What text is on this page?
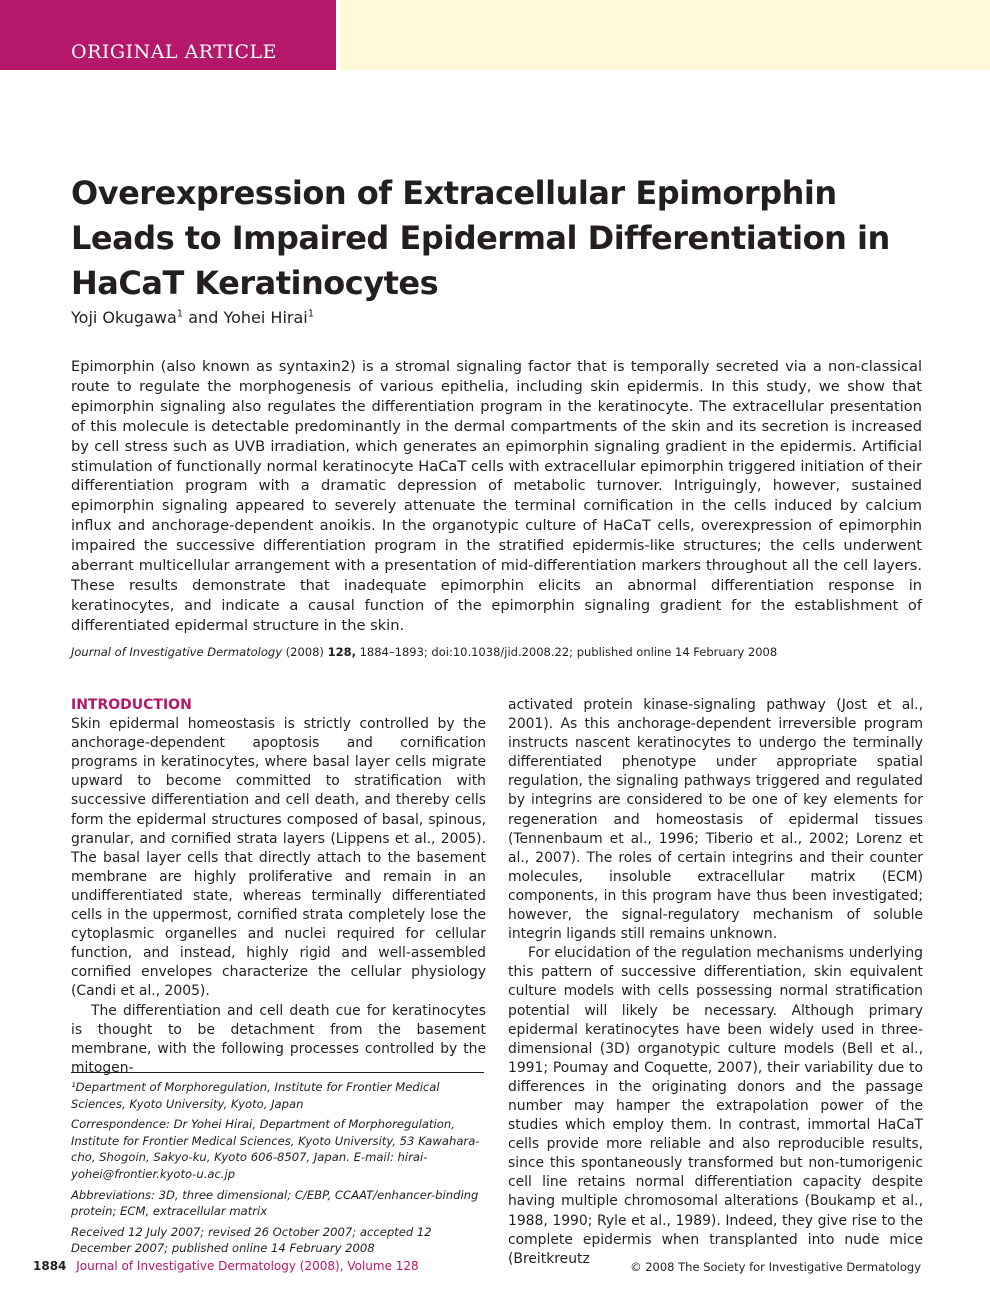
ORIGINAL ARTICLE
Overexpression of Extracellular Epimorphin Leads to Impaired Epidermal Differentiation in HaCaT Keratinocytes
Yoji Okugawa$^1$ and Yohei Hirai$^1$

Epimorphin (also known as syntaxin2) is a stromal signaling factor that is temporally secreted via a non-classical route to regulate the morphogenesis of various epithelia, including skin epidermis. In this study, we show that epimorphin signaling also regulates the differentiation program in the keratinocyte. The extracellular presentation of this molecule is detectable predominantly in the dermal compartments of the skin and its secretion is increased by cell stress such as UVB irradiation, which generates an epimorphin signaling gradient in the epidermis. Artificial stimulation of functionally normal keratinocyte HaCaT cells with extracellular epimorphin triggered initiation of their differentiation program with a dramatic depression of metabolic turnover. Intriguingly, however, sustained epimorphin signaling appeared to severely attenuate the terminal cornification in the cells induced by calcium influx and anchorage-dependent anoikis. In the organotypic culture of HaCaT cells, overexpression of epimorphin impaired the successive differentiation program in the stratified epidermis-like structures; the cells underwent aberrant multicellular arrangement with a presentation of mid-differentiation markers throughout all the cell layers. These results demonstrate that inadequate epimorphin elicits an abnormal differentiation response in keratinocytes, and indicate a causal function of the epimorphin signaling gradient for the establishment of differentiated epidermal structure in the skin.

Journal of Investigative Dermatology (2008) 128, 1884–1893; doi:10.1038/jid.2008.22; published online 14 February 2008
INTRODUCTION

Skin epidermal homeostasis is strictly controlled by the anchorage-dependent apoptosis and cornification programs in keratinocytes, where basal layer cells migrate upward to become committed to stratification with successive differentiation and cell death, and thereby cells form the epidermal structures composed of basal, spinous, granular, and cornified strata layers (Lippens et al., 2005). The basal layer cells that directly attach to the basement membrane are highly proliferative and remain in an undifferentiated state, whereas terminally differentiated cells in the uppermost, cornified strata completely lose the cytoplasmic organelles and nuclei required for cellular function, and instead, highly rigid and well-assembled cornified envelopes characterize the cellular physiology (Candi et al., 2005).

The differentiation and cell death cue for keratinocytes is thought to be detachment from the basement membrane, with the following processes controlled by the mitogen-

¹Department of Morphoregulation, Institute for Frontier Medical Sciences, Kyoto University, Kyoto, Japan

Correspondence: Dr Yohei Hirai, Department of Morphoregulation, Institute for Frontier Medical Sciences, Kyoto University, 53 Kawahara-cho, Shogoin, Sakyo-ku, Kyoto 606-8507, Japan. E-mail: hirai-yohei@frontier.kyoto-u.ac.jp

Abbreviations: 3D, three dimensional; C/EBP, CCAAT/enhancer-binding protein; ECM, extracellular matrix

Received 12 July 2007; revised 26 October 2007; accepted 12 December 2007; published online 14 February 2008

activated protein kinase-signaling pathway (Jost et al., 2001). As this anchorage-dependent irreversible program instructs nascent keratinocytes to undergo the terminally differentiated phenotype under appropriate spatial regulation, the signaling pathways triggered and regulated by integrins are considered to be one of key elements for regeneration and homeostasis of epidermal tissues (Tennenbaum et al., 1996; Tiberio et al., 2002; Lorenz et al., 2007). The roles of certain integrins and their counter molecules, insoluble extracellular matrix (ECM) components, in this program have thus been investigated; however, the signal-regulatory mechanism of soluble integrin ligands still remains unknown.

For elucidation of the regulation mechanisms underlying this pattern of successive differentiation, skin equivalent culture models with cells possessing normal stratification potential will likely be necessary. Although primary epidermal keratinocytes have been widely used in three-dimensional (3D) organotypic culture models (Bell et al., 1991; Poumay and Coquette, 2007), their variability due to differences in the originating donors and the passage number may hamper the extrapolation power of the studies which employ them. In contrast, immortal HaCaT cells provide more reliable and also reproducible results, since this spontaneously transformed but non-tumorigenic cell line retains normal differentiation capacity despite having multiple chromosomal alterations (Boukamp et al., 1988, 1990; Ryle et al., 1989). Indeed, they give rise to the complete epidermis when transplanted into nude mice (Breitkreutz

1884 Journal of Investigative Dermatology (2008), Volume 128	© 2008 The Society for Investigative Dermatology
